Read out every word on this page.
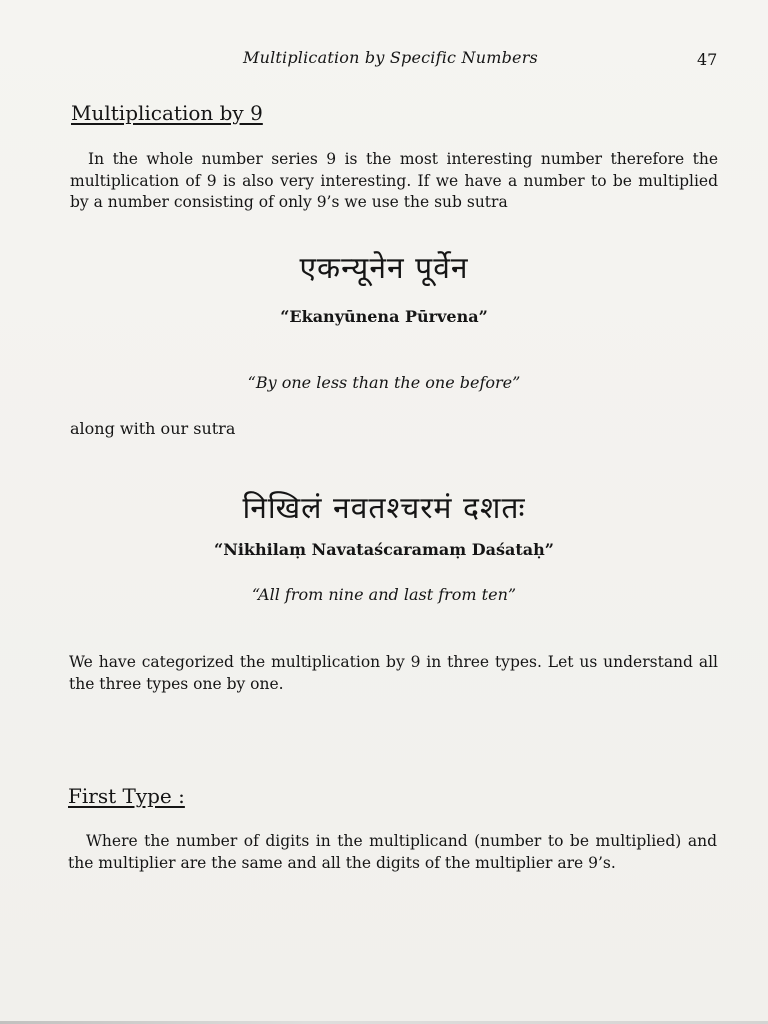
Multiplication by Specific Numbers	47
Multiplication by 9

In the whole number series 9 is the most interesting number therefore the multiplication of 9 is also very interesting. If we have a number to be multiplied by a number consisting of only 9’s we use the sub sutra

एकन्यूनेन पूर्वेन
“Ekanyūnena Pūrvena”
“By one less than the one before”
along with our sutra
निखिलं नवतश्चरमं दशतः
“Nikhilaṃ Navataścaramaṃ Daśataḥ”
“All from nine and last from ten”

We have categorized the multiplication by 9 in three types. Let us understand all the three types one by one.

First Type :

Where the number of digits in the multiplicand (number to be multiplied) and the multiplier are the same and all the digits of the multiplier are 9’s.
